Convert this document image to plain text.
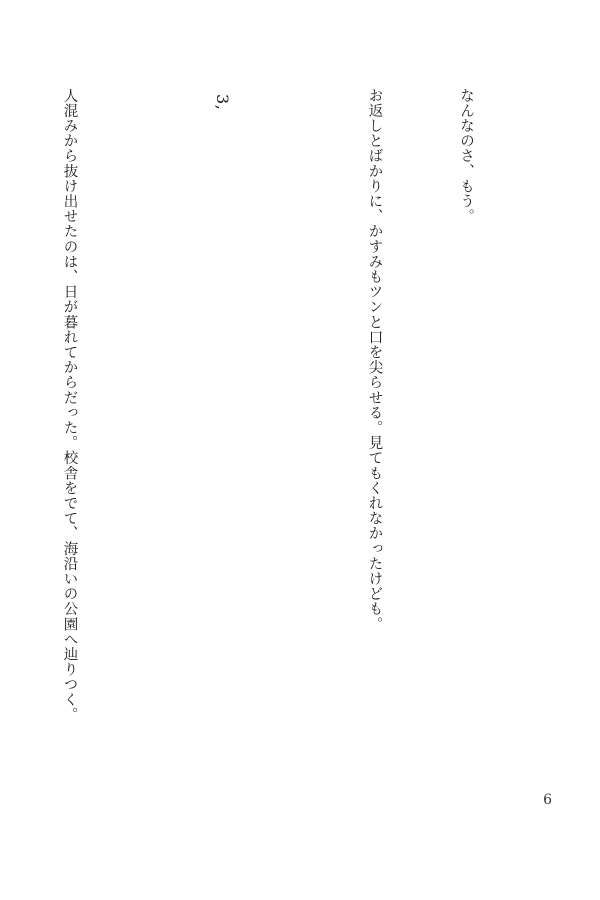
なんなのさ、もう。

お返しとばかりに、かすみもツンと口を尖らせる。見てもくれなかったけども。

3,

人混みから抜け出せたのは、日が暮れてからだった。校舎をでて、海沿いの公園へ辿りつく。

6
